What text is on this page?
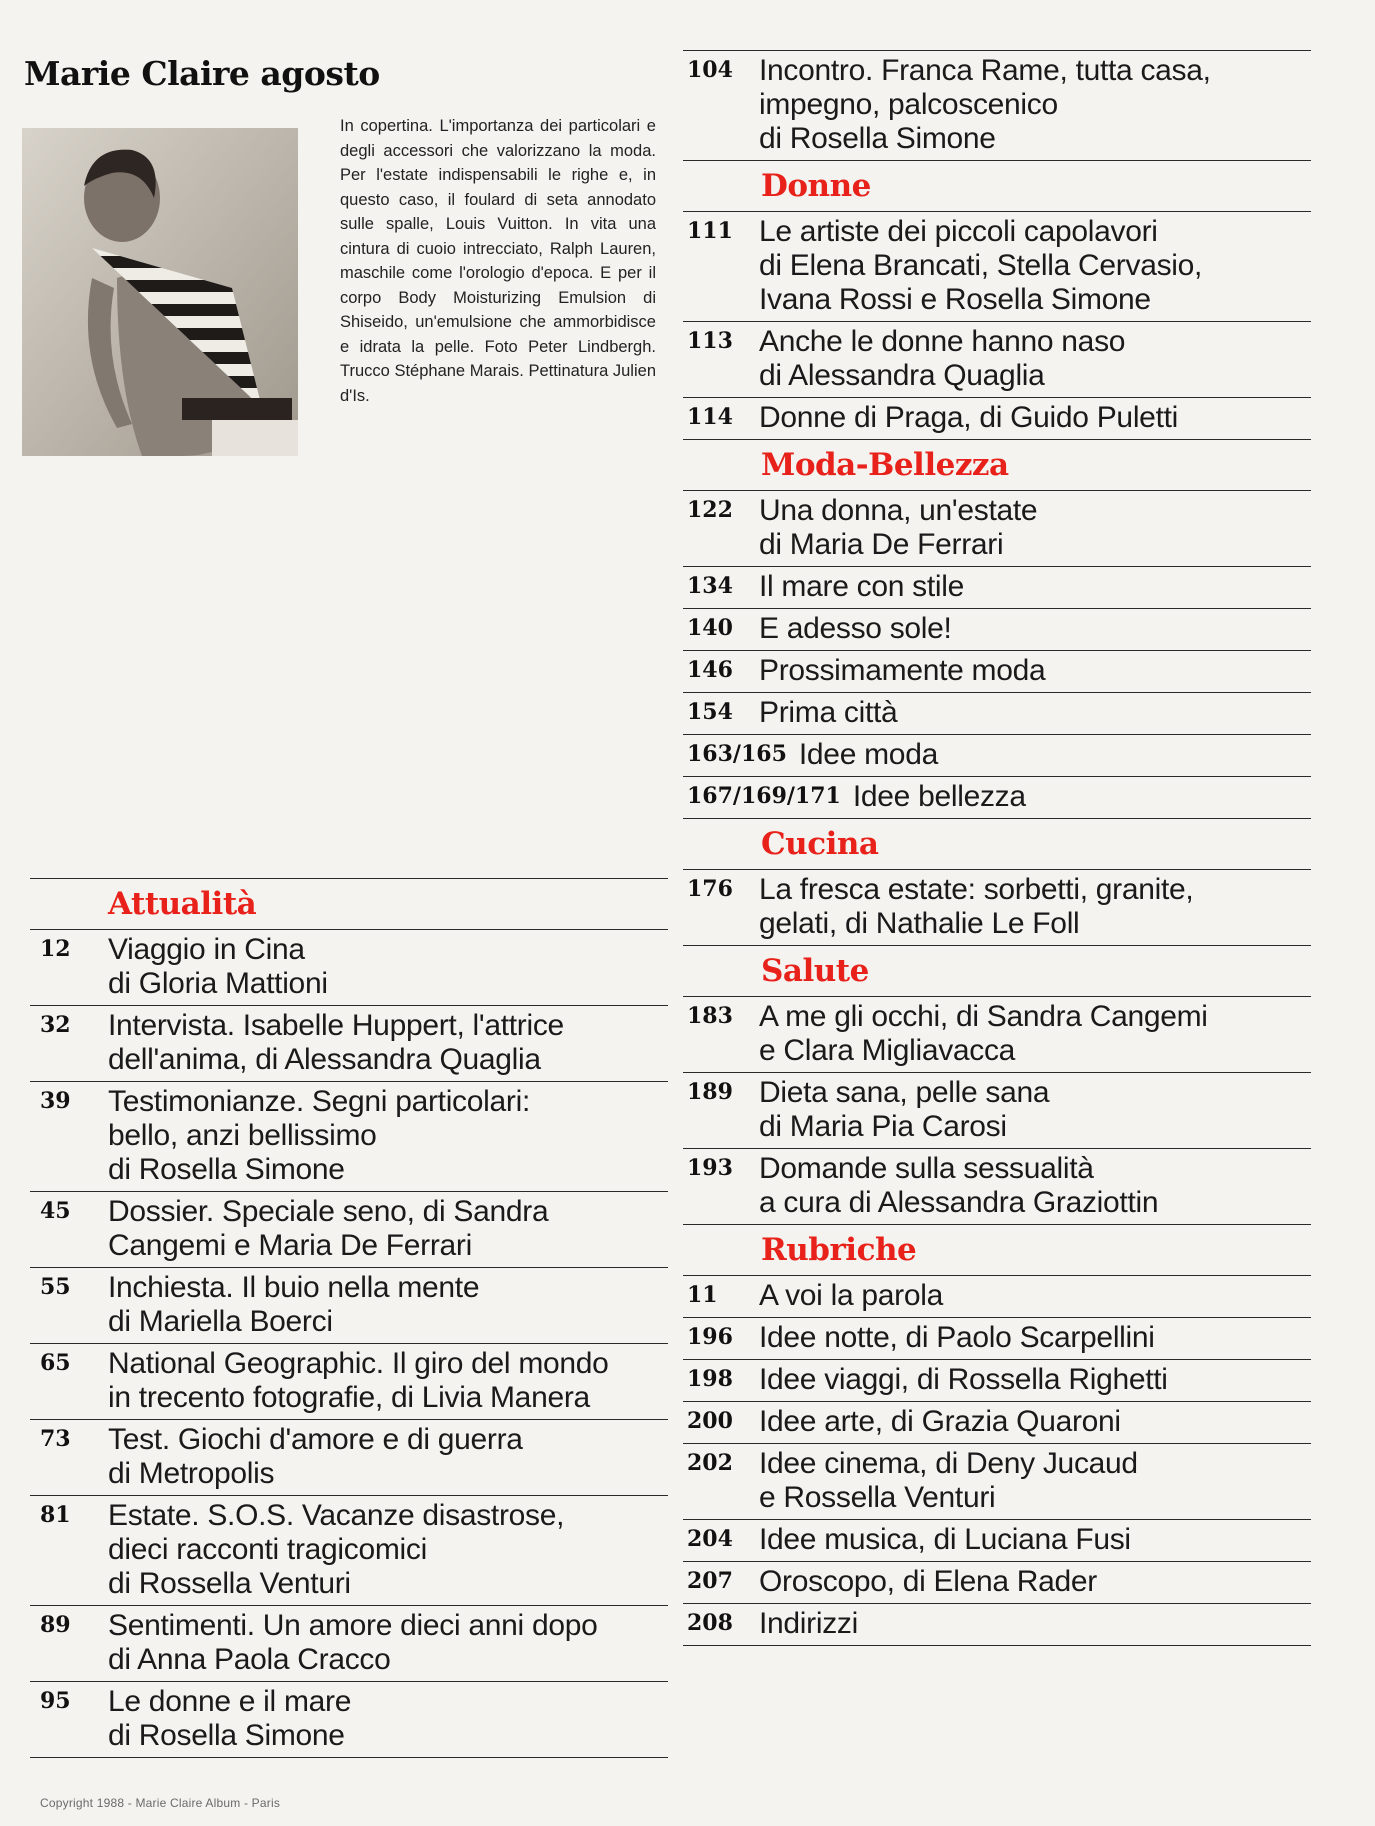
Marie Claire agosto
In copertina. L'importanza dei particolari e degli accessori che valorizzano la moda. Per l'estate indispensabili le righe e, in questo caso, il foulard di seta annodato sulle spalle, Louis Vuitton. In vita una cintura di cuoio intrecciato, Ralph Lauren, maschile come l'orologio d'epoca. E per il corpo Body Moisturizing Emulsion di Shiseido, un'emulsione che ammorbidisce e idrata la pelle. Foto Peter Lindbergh. Trucco Stéphane Marais. Pettinatura Julien d'Is.
Attualità
12	Viaggio in Cina
di Gloria Mattioni
32	Intervista. Isabelle Huppert, l'attrice
dell'anima, di Alessandra Quaglia
39	Testimonianze. Segni particolari:
bello, anzi bellissimo
di Rosella Simone
45	Dossier. Speciale seno, di Sandra
Cangemi e Maria De Ferrari
55	Inchiesta. Il buio nella mente
di Mariella Boerci
65	National Geographic. Il giro del mondo
in trecento fotografie, di Livia Manera
73	Test. Giochi d'amore e di guerra
di Metropolis
81	Estate. S.O.S. Vacanze disastrose,
dieci racconti tragicomici
di Rossella Venturi
89	Sentimenti. Un amore dieci anni dopo
di Anna Paola Cracco
95	Le donne e il mare
di Rosella Simone
104 Incontro. Franca Rame, tutta casa,
impegno, palcoscenico
di Rosella Simone
Donne
111 Le artiste dei piccoli capolavori
di Elena Brancati, Stella Cervasio,
Ivana Rossi e Rosella Simone
113 Anche le donne hanno naso
di Alessandra Quaglia
114 Donne di Praga, di Guido Puletti
Moda-Bellezza
122 Una donna, un'estate
di Maria De Ferrari
134 Il mare con stile
140 E adesso sole!
146 Prossimamente moda
154 Prima città
163/165 Idee moda
167/169/171 Idee bellezza
Cucina
176 La fresca estate: sorbetti, granite,
gelati, di Nathalie Le Foll
Salute
183 A me gli occhi, di Sandra Cangemi
e Clara Migliavacca
189 Dieta sana, pelle sana
di Maria Pia Carosi
193 Domande sulla sessualità
a cura di Alessandra Graziottin
Rubriche
11	A voi la parola
196 Idee notte, di Paolo Scarpellini
198 Idee viaggi, di Rossella Righetti
200 Idee arte, di Grazia Quaroni
202 Idee cinema, di Deny Jucaud
e Rossella Venturi
204 Idee musica, di Luciana Fusi
207 Oroscopo, di Elena Rader
208 Indirizzi
Copyright 1988 - Marie Claire Album - Paris
